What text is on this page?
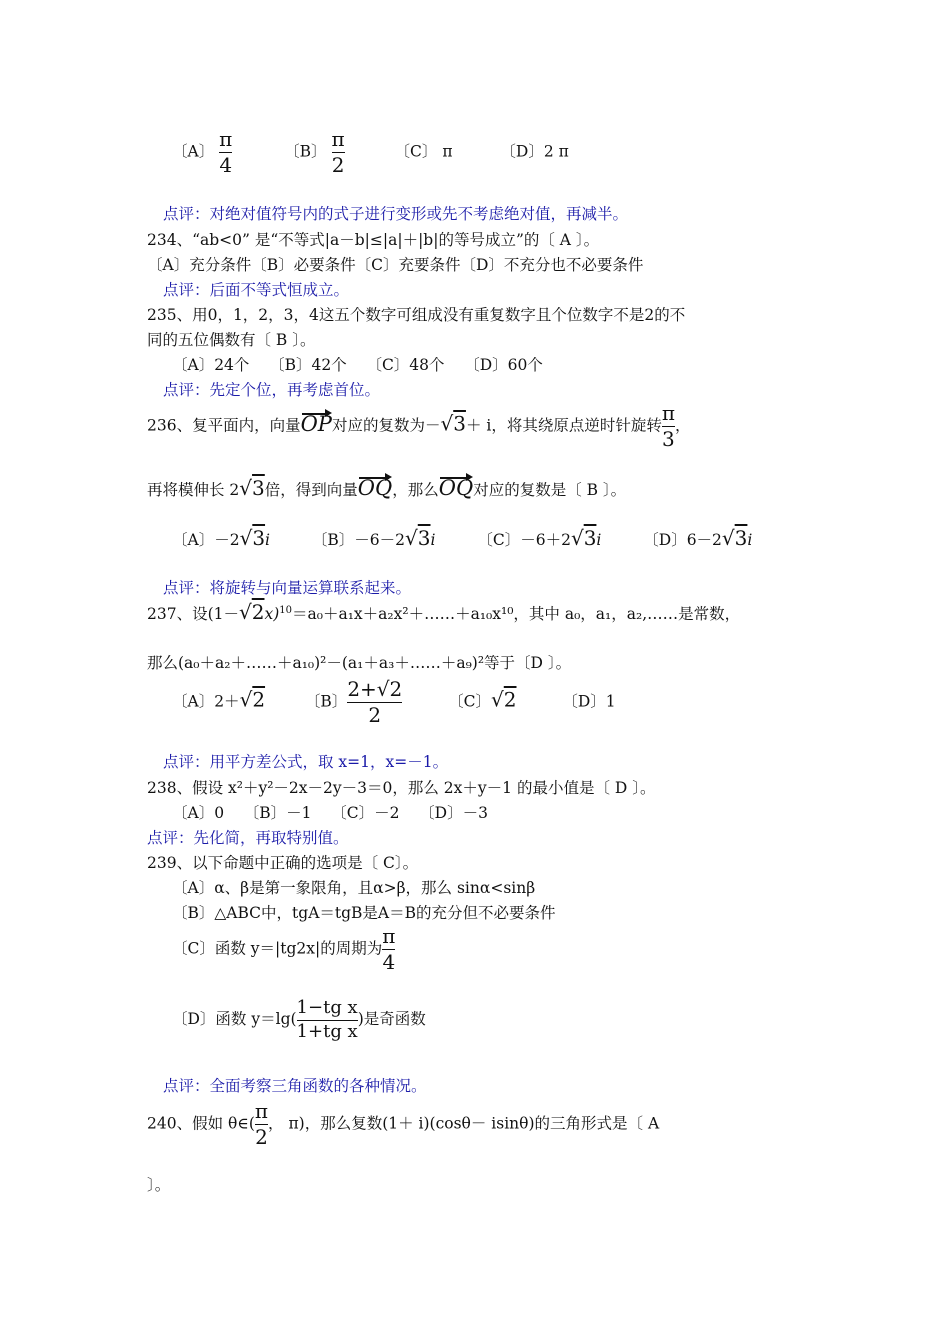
〔A〕 $\frac{\pi}{4}$	〔B〕 $\frac{\pi}{2}$	〔C〕 π	〔D〕2 π
点评：对绝对值符号内的式子进行变形或先不考虑绝对值，再减半。
234、“ab<0” 是“不等式|a－b|≤|a|＋|b|的等号成立”的〔 A 〕。
〔A〕充分条件〔B〕必要条件〔C〕充要条件〔D〕不充分也不必要条件
点评：后面不等式恒成立。
235、用0，1，2，3，4这五个数字可组成没有重复数字且个位数字不是2的不
同的五位偶数有〔 B 〕。
〔A〕24个    〔B〕42个    〔C〕48个    〔D〕60个
点评：先定个位，再考虑首位。
236、复平面内，向量OP对应的复数为－√3＋ i，将其绕原点逆时针旋转 $\frac{\pi}{3}$ ，
再将模伸长 2√3倍，得到向量OQ，那么OQ对应的复数是〔 B 〕。
〔A〕－2√3i	〔B〕－6－2√3i	〔C〕－6＋2√3i	〔D〕6－2√3i
点评：将旋转与向量运算联系起来。
237、设$(1-√2x)^{10}=a_0+a_1x+a_2x^2+\dots\dots+a_{10}x^{10}$，其中 a₀，a₁，a₂,……是常数，
那么(a₀＋a₂＋……＋a₁₀)²－(a₁＋a₃＋……＋a₉)²等于〔D 〕。
〔A〕2＋√2	〔B〕 $\frac{2+√2}{2}$	〔C〕√2	〔D〕1
点评：用平方差公式，取 x=1，x=－1。
238、假设 x²＋y²－2x－2y－3＝0，那么 2x＋y－1 的最小值是〔 D 〕。
〔A〕0    〔B〕－1    〔C〕－2    〔D〕－3
点评：先化简，再取特别值。
239、以下命题中正确的选项是〔 C〕。
〔A〕α、β是第一象限角，且α>β，那么 sinα<sinβ
〔B〕△ABC中，tgA＝tgB是A＝B的充分但不必要条件
〔C〕函数 y＝|tg2x|的周期为 $\frac{\pi}{4}$
〔D〕函数 $y=\lg( \frac{\text{1−tg x}}{\text{1+tg x}}$ )是奇函数
点评：全面考察三角函数的各种情况。
240、假如 θ∈( $\frac{\pi}{2}$ ， π)，那么复数(1＋ i)(cosθ－ isinθ)的三角形式是〔 A
〕。
